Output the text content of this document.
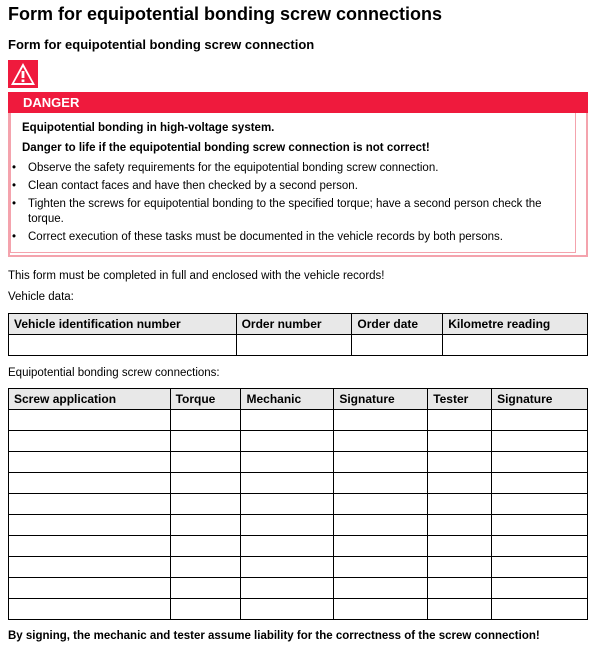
Form for equipotential bonding screw connections
Form for equipotential bonding screw connection
DANGER
Equipotential bonding in high-voltage system.
Danger to life if the equipotential bonding screw connection is not correct!
• Observe the safety requirements for the equipotential bonding screw connection.
• Clean contact faces and have then checked by a second person.
• Tighten the screws for equipotential bonding to the specified torque; have a second person check the torque.
• Correct execution of these tasks must be documented in the vehicle records by both persons.
This form must be completed in full and enclosed with the vehicle records!
Vehicle data:
Vehicle identification number	Order number	Order date	Kilometre reading

Equipotential bonding screw connections:
Screw application	Torque	Mechanic	Signature	Tester	Signature

By signing, the mechanic and tester assume liability for the correctness of the screw connection!
